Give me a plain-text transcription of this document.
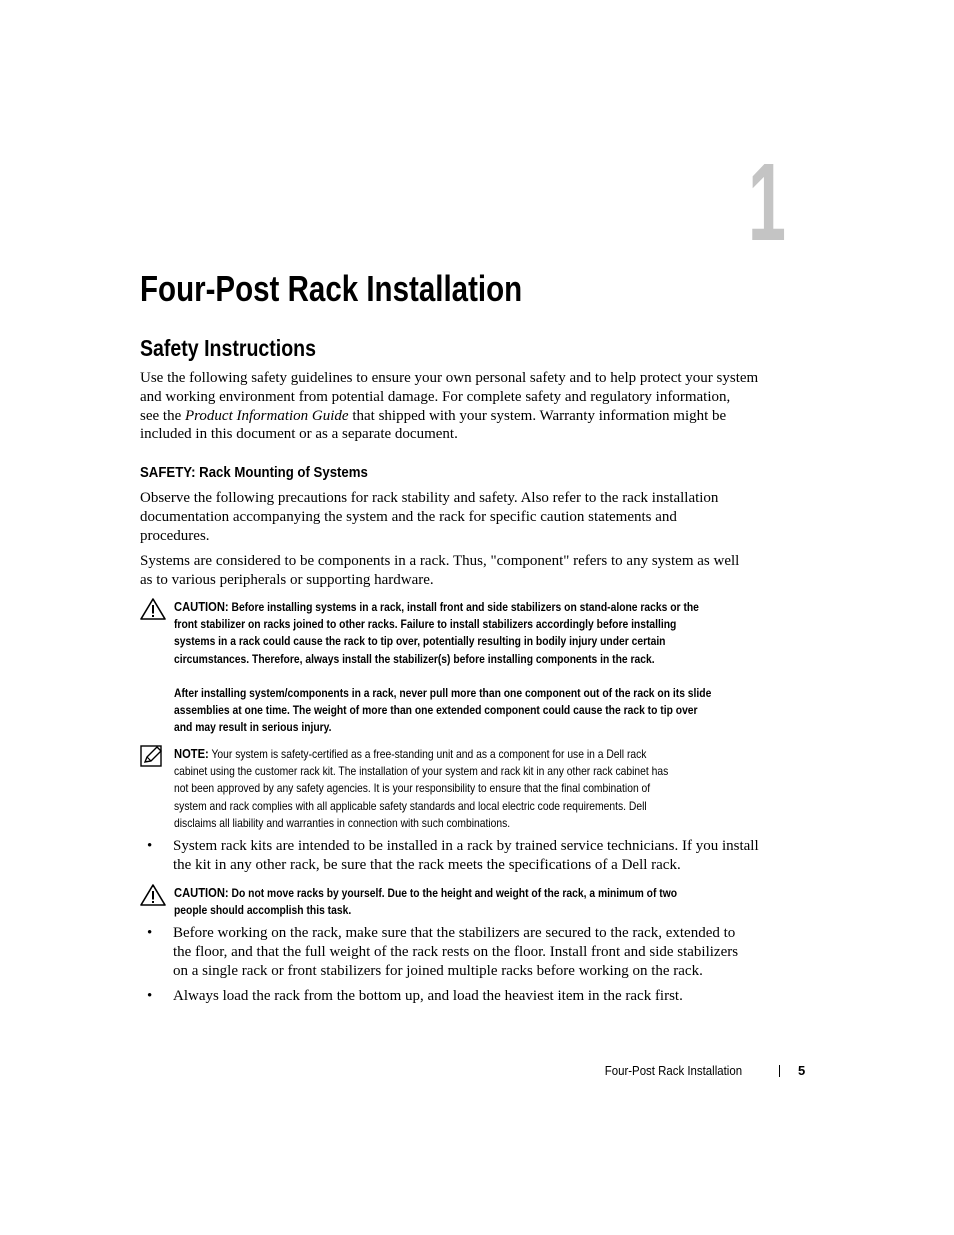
1
Four-Post Rack Installation
Safety Instructions
Use the following safety guidelines to ensure your own personal safety and to help protect your system
and working environment from potential damage. For complete safety and regulatory information,
see the Product Information Guide that shipped with your system. Warranty information might be
included in this document or as a separate document.
SAFETY: Rack Mounting of Systems
Observe the following precautions for rack stability and safety. Also refer to the rack installation
documentation accompanying the system and the rack for specific caution statements and
procedures.
Systems are considered to be components in a rack. Thus, "component" refers to any system as well
as to various peripherals or supporting hardware.
CAUTION: Before installing systems in a rack, install front and side stabilizers on stand-alone racks or the
front stabilizer on racks joined to other racks. Failure to install stabilizers accordingly before installing
systems in a rack could cause the rack to tip over, potentially resulting in bodily injury under certain
circumstances. Therefore, always install the stabilizer(s) before installing components in the rack.

After installing system/components in a rack, never pull more than one component out of the rack on its slide
assemblies at one time. The weight of more than one extended component could cause the rack to tip over
and may result in serious injury.
NOTE: Your system is safety-certified as a free-standing unit and as a component for use in a Dell rack
cabinet using the customer rack kit. The installation of your system and rack kit in any other rack cabinet has
not been approved by any safety agencies. It is your responsibility to ensure that the final combination of
system and rack complies with all applicable safety standards and local electric code requirements. Dell
disclaims all liability and warranties in connection with such combinations.
• System rack kits are intended to be installed in a rack by trained service technicians. If you install
the kit in any other rack, be sure that the rack meets the specifications of a Dell rack.
CAUTION: Do not move racks by yourself. Due to the height and weight of the rack, a minimum of two
people should accomplish this task.
• Before working on the rack, make sure that the stabilizers are secured to the rack, extended to
the floor, and that the full weight of the rack rests on the floor. Install front and side stabilizers
on a single rack or front stabilizers for joined multiple racks before working on the rack.
• Always load the rack from the bottom up, and load the heaviest item in the rack first.
Four-Post Rack Installation	5
